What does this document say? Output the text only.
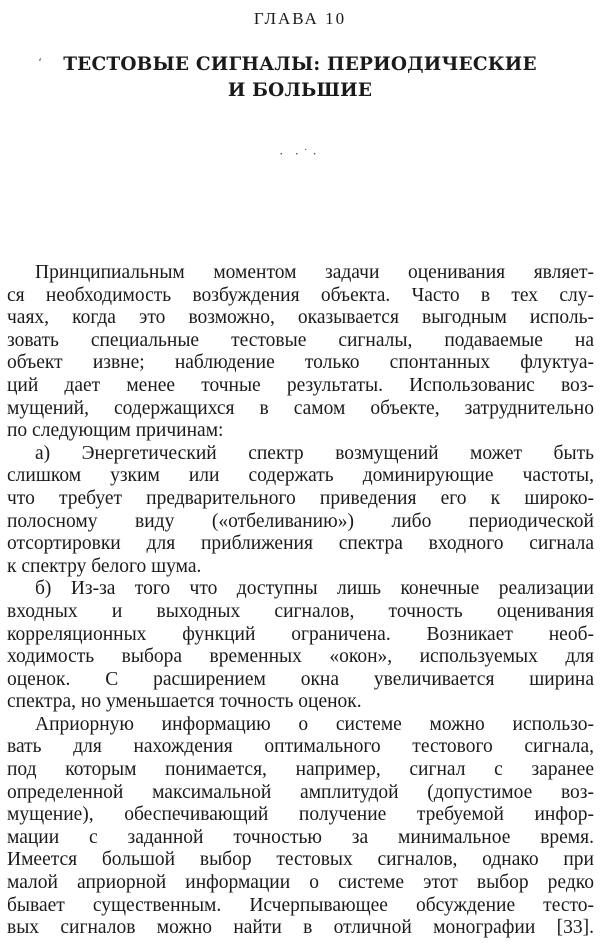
ГЛАВА 10
‘	ТЕСТОВЫЕ СИГНАЛЫ: ПЕРИОДИЧЕСКИЕ
И БОЛЬШИЕ
· ·˙·
Принципиальным моментом задачи оценивания являет-
ся необходимость возбуждения объекта. Часто в тех слу-
чаях, когда это возможно, оказывается выгодным исполь-
зовать специальные тестовые сигналы, подаваемые на
объект извне; наблюдение только спонтанных флуктуа-
ций дает менее точные результаты. Использованис воз-
мущений, содержащихся в самом объекте, затруднительно
по следующим причинам:
а) Энергетический спектр возмущений может быть
слишком узким или содержать доминирующие частоты,
что требует предварительного приведения его к широко-
полосному виду («отбеливанию») либо периодической
отсортировки для приближения спектра входного сигнала
к спектру белого шума.
б) Из-за того что доступны лишь конечные реализации
входных и выходных сигналов, точность оценивания
корреляционных функций ограничена. Возникает необ-
ходимость выбора временных «окон», используемых для
оценок. С расширением окна увеличивается ширина
спектра, но уменьшается точность оценок.
Априорную информацию о системе можно использо-
вать для нахождения оптимального тестового сигнала,
под которым понимается, например, сигнал с заранее
определенной максимальной амплитудой (допустимое воз-
мущение), обеспечивающий получение требуемой инфор-
мации с заданной точностью за минимальное время.
Имеется большой выбор тестовых сигналов, однако при
малой априорной информации о системе этот выбор редко
бывает существенным. Исчерпывающее обсуждение тесто-
вых сигналов можно найти в отличной монографии [33].
